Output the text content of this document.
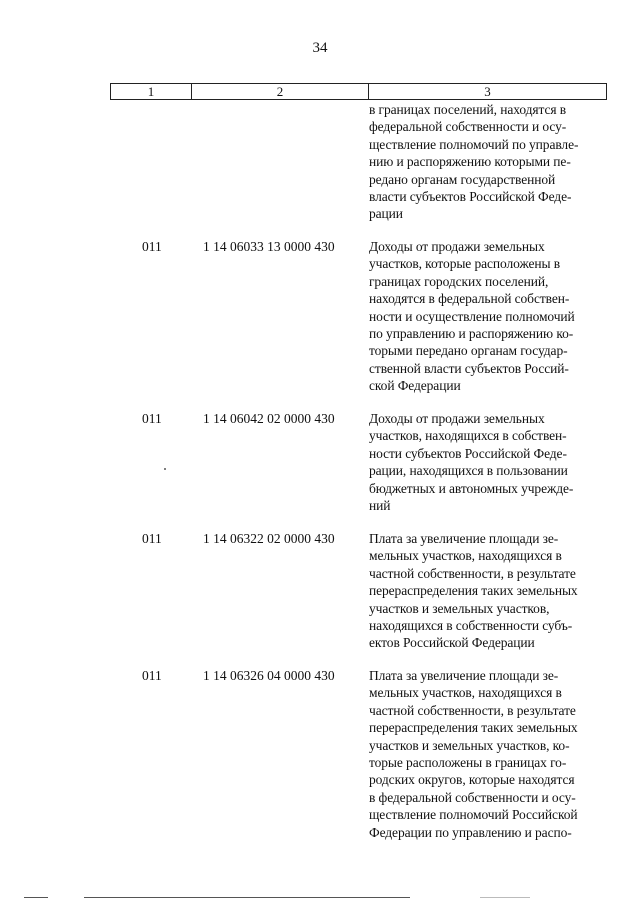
34
1	2	3
в границах поселений, находятся в
федеральной собственности и осу-
ществление полномочий по управле-
нию и распоряжению которыми пе-
редано органам государственной
власти субъектов Российской Феде-
рации
011	1 14 06033 13 0000 430	Доходы от продажи земельных
участков, которые расположены в
границах городских поселений,
находятся в федеральной собствен-
ности и осуществление полномочий
по управлению и распоряжению ко-
торыми передано органам государ-
ственной власти субъектов Россий-
ской Федерации
011	1 14 06042 02 0000 430	Доходы от продажи земельных
участков, находящихся в собствен-
ности субъектов Российской Феде-
рации, находящихся в пользовании
бюджетных и автономных учрежде-
ний
011	1 14 06322 02 0000 430	Плата за увеличение площади зе-
мельных участков, находящихся в
частной собственности, в результате
перераспределения таких земельных
участков и земельных участков,
находящихся в собственности субъ-
ектов Российской Федерации
011	1 14 06326 04 0000 430	Плата за увеличение площади зе-
мельных участков, находящихся в
частной собственности, в результате
перераспределения таких земельных
участков и земельных участков, ко-
торые расположены в границах го-
родских округов, которые находятся
в федеральной собственности и осу-
ществление полномочий Российской
Федерации по управлению и распо-
